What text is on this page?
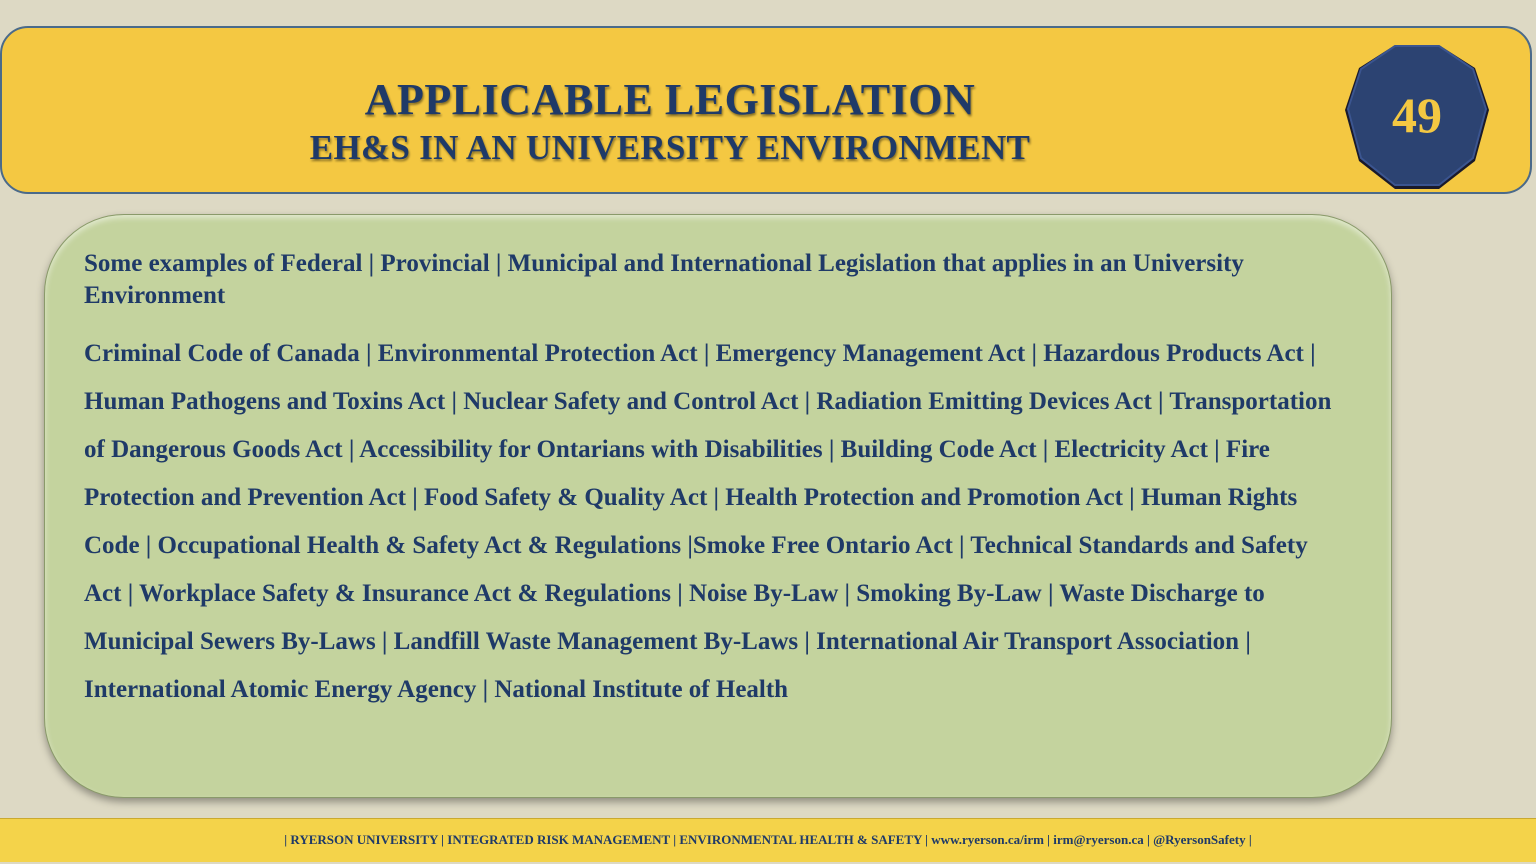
APPLICABLE LEGISLATION
EH&S IN AN UNIVERSITY ENVIRONMENT
49
Some examples of Federal | Provincial | Municipal and International Legislation that applies in an University Environment
Criminal Code of Canada | Environmental Protection Act | Emergency Management Act | Hazardous Products Act | Human Pathogens and Toxins Act | Nuclear Safety and Control Act | Radiation Emitting Devices Act | Transportation of Dangerous Goods Act | Accessibility for Ontarians with Disabilities | Building Code Act | Electricity Act | Fire Protection and Prevention Act | Food Safety & Quality Act | Health Protection and Promotion Act | Human Rights Code | Occupational Health & Safety Act & Regulations |Smoke Free Ontario Act | Technical Standards and Safety Act | Workplace Safety & Insurance Act & Regulations | Noise By-Law | Smoking By-Law | Waste Discharge to Municipal Sewers By-Laws | Landfill Waste Management By-Laws | International Air Transport Association | International Atomic Energy Agency | National Institute of Health
| RYERSON UNIVERSITY | INTEGRATED RISK MANAGEMENT | ENVIRONMENTAL HEALTH & SAFETY | www.ryerson.ca/irm | irm@ryerson.ca | @RyersonSafety |
